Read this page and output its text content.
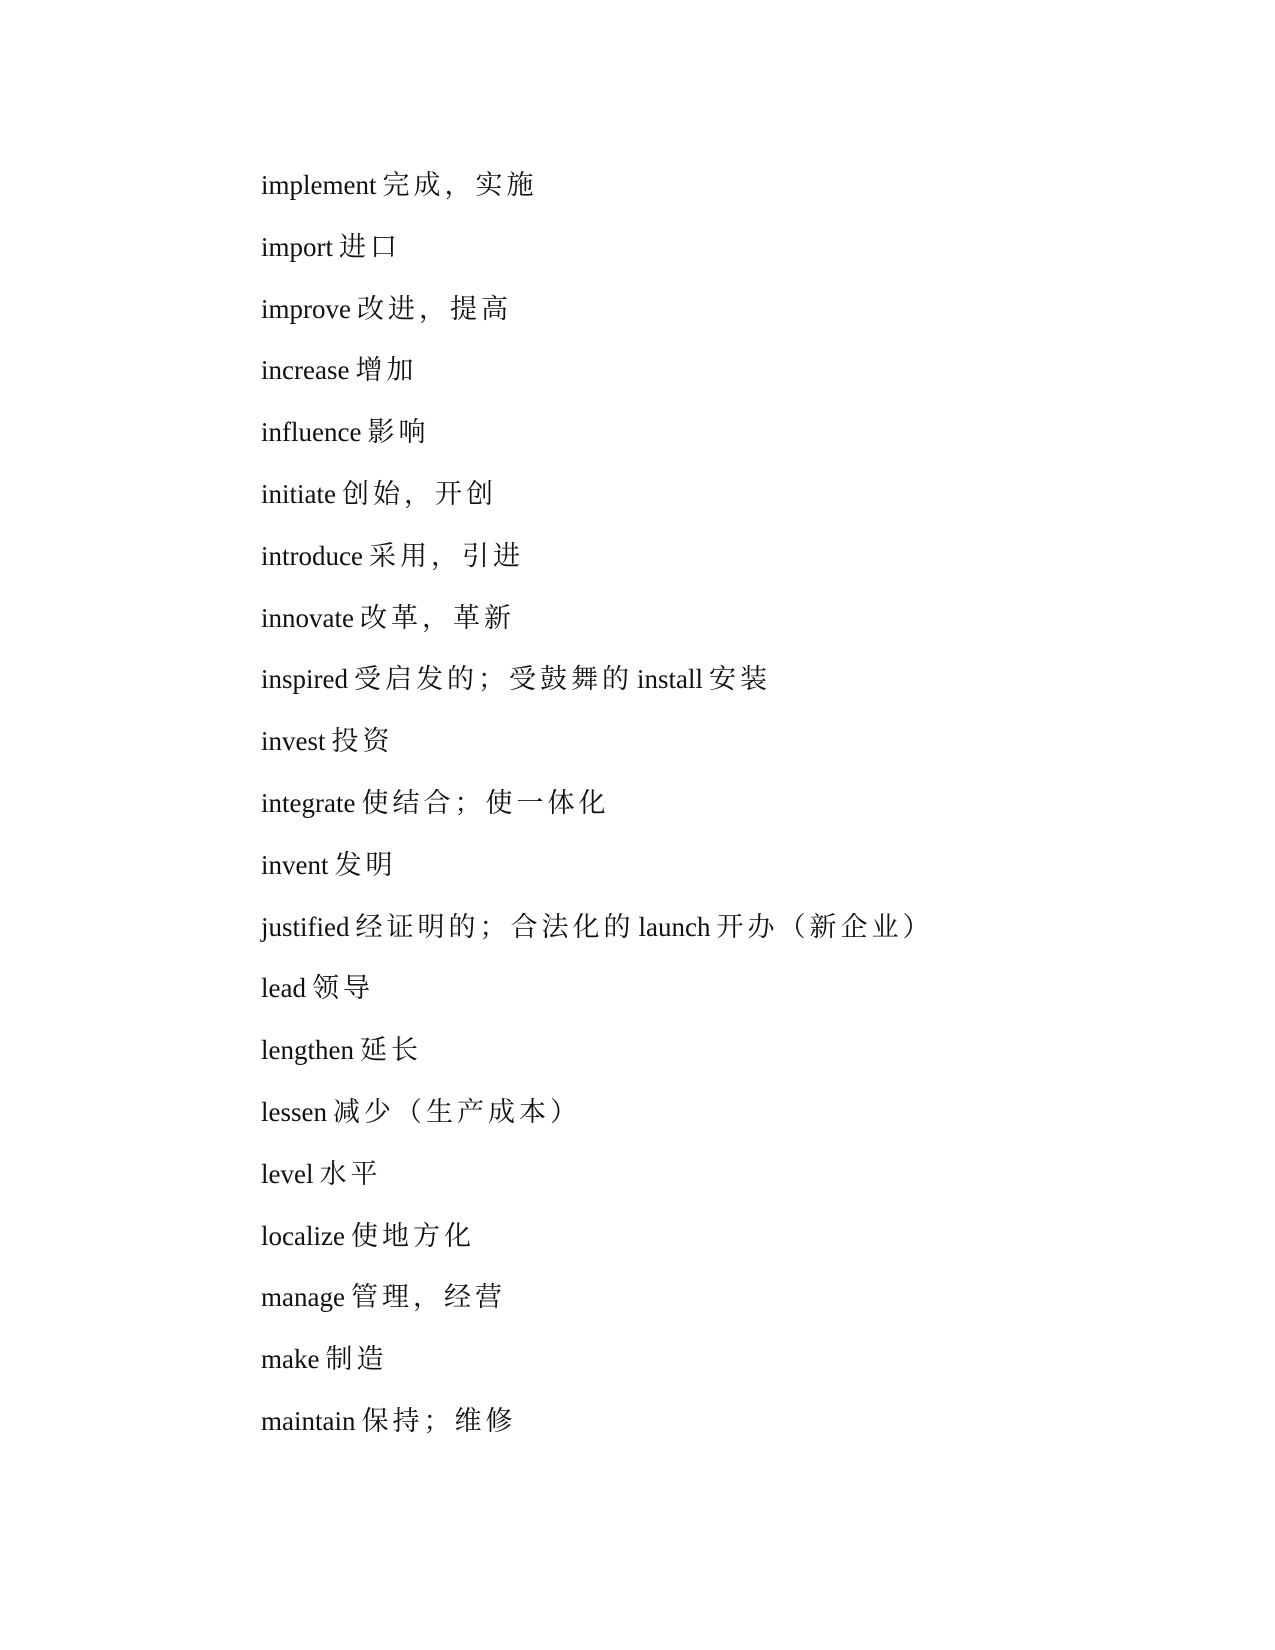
implement 完成，实施
import 进口
improve 改进，提高
increase 增加
influence 影响
initiate 创始，开创
introduce 采用，引进
innovate 改革，革新
inspired 受启发的；受鼓舞的 install 安装
invest 投资
integrate 使结合；使一体化
invent 发明
justified 经证明的；合法化的 launch 开办（新企业）
lead 领导
lengthen 延长
lessen 减少（生产成本）
level 水平
localize 使地方化
manage 管理，经营
make 制造
maintain 保持；维修
